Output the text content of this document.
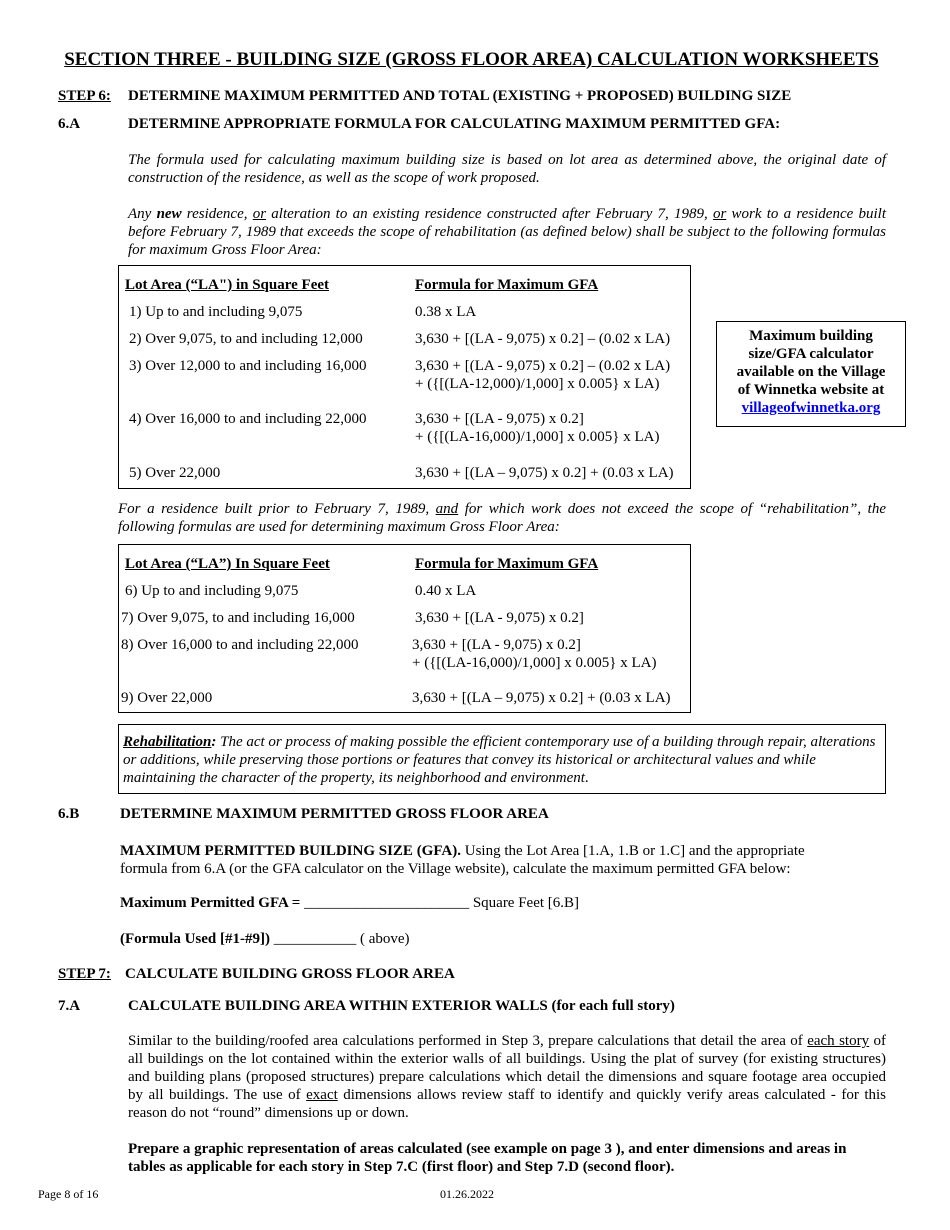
SECTION THREE - BUILDING SIZE (GROSS FLOOR AREA) CALCULATION WORKSHEETS
STEP 6: DETERMINE MAXIMUM PERMITTED AND TOTAL (EXISTING + PROPOSED) BUILDING SIZE
6.A	DETERMINE APPROPRIATE FORMULA FOR CALCULATING MAXIMUM PERMITTED GFA:
The formula used for calculating maximum building size is based on lot area as determined above, the original date of construction of the residence, as well as the scope of work proposed.
Any new residence, or alteration to an existing residence constructed after February 7, 1989, or work to a residence built before February 7, 1989 that exceeds the scope of rehabilitation (as defined below) shall be subject to the following formulas for maximum Gross Floor Area:
Lot Area (“LA") in Square Feet	Formula for Maximum GFA
1) Up to and including 9,075	0.38 x LA
2) Over 9,075, to and including 12,000	3,630 + [(LA - 9,075) x 0.2] – (0.02 x LA)
3) Over 12,000 to and including 16,000	3,630 + [(LA - 9,075) x 0.2] – (0.02 x LA)
+ ({[(LA-12,000)/1,000] x 0.005} x LA)
4) Over 16,000 to and including 22,000	3,630 + [(LA - 9,075) x 0.2]
+ ({[(LA-16,000)/1,000] x 0.005} x LA)
5) Over 22,000	3,630 + [(LA – 9,075) x 0.2] + (0.03 x LA)
Maximum building
size/GFA calculator
available on the Village
of Winnetka website at
villageofwinnetka.org
For a residence built prior to February 7, 1989, and for which work does not exceed the scope of “rehabilitation”, the following formulas are used for determining maximum Gross Floor Area:
Lot Area (“LA”) In Square Feet	Formula for Maximum GFA
6) Up to and including 9,075	0.40 x LA
7) Over 9,075, to and including 16,000	3,630 + [(LA - 9,075) x 0.2]
8) Over 16,000 to and including 22,000	3,630 + [(LA - 9,075) x 0.2]
+ ({[(LA-16,000)/1,000] x 0.005} x LA)
9) Over 22,000	3,630 + [(LA – 9,075) x 0.2] + (0.03 x LA)
Rehabilitation: The act or process of making possible the efficient contemporary use of a building through repair, alterations or additions, while preserving those portions or features that convey its historical or architectural values and while maintaining the character of the property, its neighborhood and environment.
6.B	DETERMINE MAXIMUM PERMITTED GROSS FLOOR AREA
MAXIMUM PERMITTED BUILDING SIZE (GFA). Using the Lot Area [1.A, 1.B or 1.C] and the appropriate formula from 6.A (or the GFA calculator on the Village website), calculate the maximum permitted GFA below:
Maximum Permitted GFA = ______________________ Square Feet [6.B]
(Formula Used [#1-#9]) ___________ ( above)
STEP 7: CALCULATE BUILDING GROSS FLOOR AREA
7.A	CALCULATE BUILDING AREA WITHIN EXTERIOR WALLS (for each full story)
Similar to the building/roofed area calculations performed in Step 3, prepare calculations that detail the area of each story of all buildings on the lot contained within the exterior walls of all buildings. Using the plat of survey (for existing structures) and building plans (proposed structures) prepare calculations which detail the dimensions and square footage area occupied by all buildings. The use of exact dimensions allows review staff to identify and quickly verify areas calculated - for this reason do not “round” dimensions up or down.
Prepare a graphic representation of areas calculated (see example on page 3 ), and enter dimensions and areas in tables as applicable for each story in Step 7.C (first floor) and Step 7.D (second floor).
Page 8 of 16	01.26.2022
